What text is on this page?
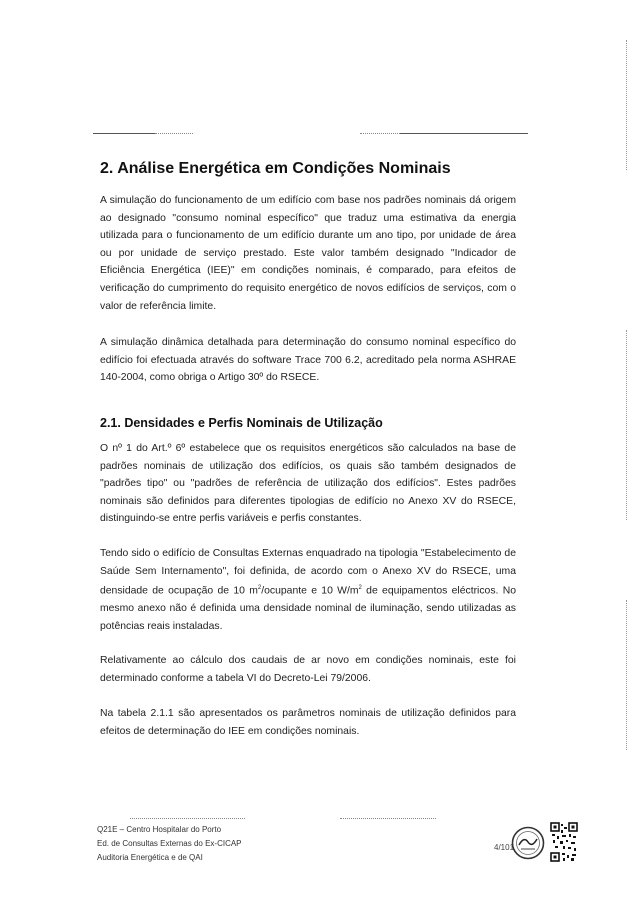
2. Análise Energética em Condições Nominais

A simulação do funcionamento de um edifício com base nos padrões nominais dá origem ao designado "consumo nominal específico" que traduz uma estimativa da energia utilizada para o funcionamento de um edifício durante um ano tipo, por unidade de área ou por unidade de serviço prestado. Este valor também designado "Indicador de Eficiência Energética (IEE)" em condições nominais, é comparado, para efeitos de verificação do cumprimento do requisito energético de novos edifícios de serviços, com o valor de referência limite.

A simulação dinâmica detalhada para determinação do consumo nominal específico do edifício foi efectuada através do software Trace 700 6.2, acreditado pela norma ASHRAE 140-2004, como obriga o Artigo 30º do RSECE.

2.1. Densidades e Perfis Nominais de Utilização

O nº 1 do Art.º 6º estabelece que os requisitos energéticos são calculados na base de padrões nominais de utilização dos edifícios, os quais são também designados de "padrões tipo" ou "padrões de referência de utilização dos edifícios". Estes padrões nominais são definidos para diferentes tipologias de edifício no Anexo XV do RSECE, distinguindo-se entre perfis variáveis e perfis constantes.

Tendo sido o edifício de Consultas Externas enquadrado na tipologia "Estabelecimento de Saúde Sem Internamento", foi definida, de acordo com o Anexo XV do RSECE, uma densidade de ocupação de 10 $m^2$/ocupante e 10 $W/m^2$ de equipamentos eléctricos. No mesmo anexo não é definida uma densidade nominal de iluminação, sendo utilizadas as potências reais instaladas.

Relativamente ao cálculo dos caudais de ar novo em condições nominais, este foi determinado conforme a tabela VI do Decreto-Lei 79/2006.

Na tabela 2.1.1 são apresentados os parâmetros nominais de utilização definidos para efeitos de determinação do IEE em condições nominais.

Q21E – Centro Hospitalar do Porto
Ed. de Consultas Externas do Ex-CICAP
Auditoria Energética e de QAI
4/101
